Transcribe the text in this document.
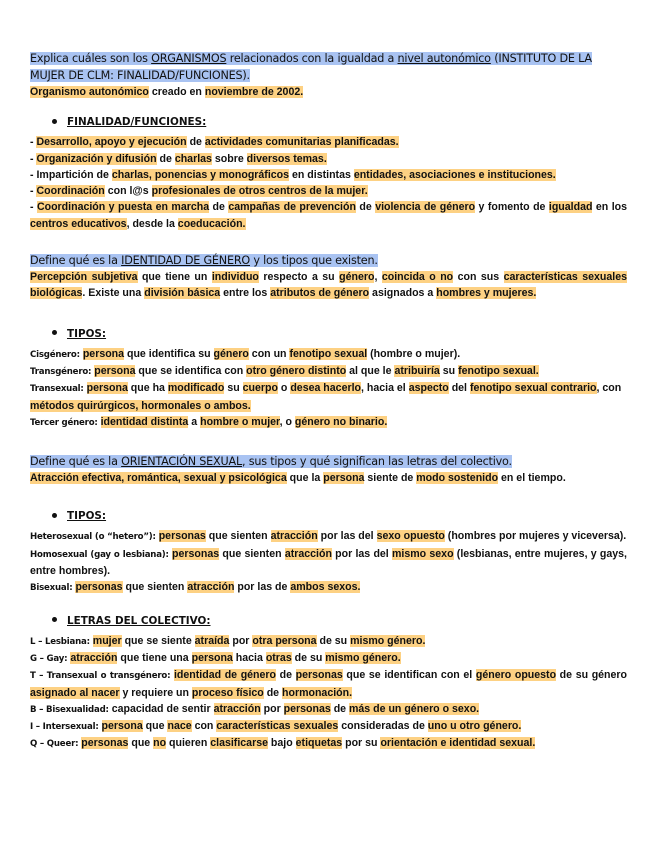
Explica cuáles son los ORGANISMOS relacionados con la igualdad a nivel autonómico (INSTITUTO DE LA MUJER DE CLM: FINALIDAD/FUNCIONES).

Organismo autonómico creado en noviembre de 2002.

FINALIDAD/FUNCIONES:

- Desarrollo, apoyo y ejecución de actividades comunitarias planificadas.

- Organización y difusión de charlas sobre diversos temas.

- Impartición de charlas, ponencias y monográficos en distintas entidades, asociaciones e instituciones.

- Coordinación con l@s profesionales de otros centros de la mujer.

- Coordinación y puesta en marcha de campañas de prevención de violencia de género y fomento de igualdad en los centros educativos, desde la coeducación.

Define qué es la IDENTIDAD DE GÉNERO y los tipos que existen.

Percepción subjetiva que tiene un individuo respecto a su género, coincida o no con sus características sexuales biológicas. Existe una división básica entre los atributos de género asignados a hombres y mujeres.

TIPOS:

Cisgénero: persona que identifica su género con un fenotipo sexual (hombre o mujer).

Transgénero: persona que se identifica con otro género distinto al que le atribuiría su fenotipo sexual.

Transexual: persona que ha modificado su cuerpo o desea hacerlo, hacia el aspecto del fenotipo sexual contrario, con métodos quirúrgicos, hormonales o ambos.

Tercer género: identidad distinta a hombre o mujer, o género no binario.

Define qué es la ORIENTACIÓN SEXUAL, sus tipos y qué significan las letras del colectivo.

Atracción efectiva, romántica, sexual y psicológica que la persona siente de modo sostenido en el tiempo.

TIPOS:

Heterosexual (o “hetero”): personas que sienten atracción por las del sexo opuesto (hombres por mujeres y viceversa).

Homosexual (gay o lesbiana): personas que sienten atracción por las del mismo sexo (lesbianas, entre mujeres, y gays, entre hombres).

Bisexual: personas que sienten atracción por las de ambos sexos.

LETRAS DEL COLECTIVO:

L – Lesbiana: mujer que se siente atraída por otra persona de su mismo género.

G – Gay: atracción que tiene una persona hacia otras de su mismo género.

T – Transexual o transgénero: identidad de género de personas que se identifican con el género opuesto de su género asignado al nacer y requiere un proceso físico de hormonación.

B – Bisexualidad: capacidad de sentir atracción por personas de más de un género o sexo.

I – Intersexual: persona que nace con características sexuales consideradas de uno u otro género.

Q – Queer: personas que no quieren clasificarse bajo etiquetas por su orientación e identidad sexual.
